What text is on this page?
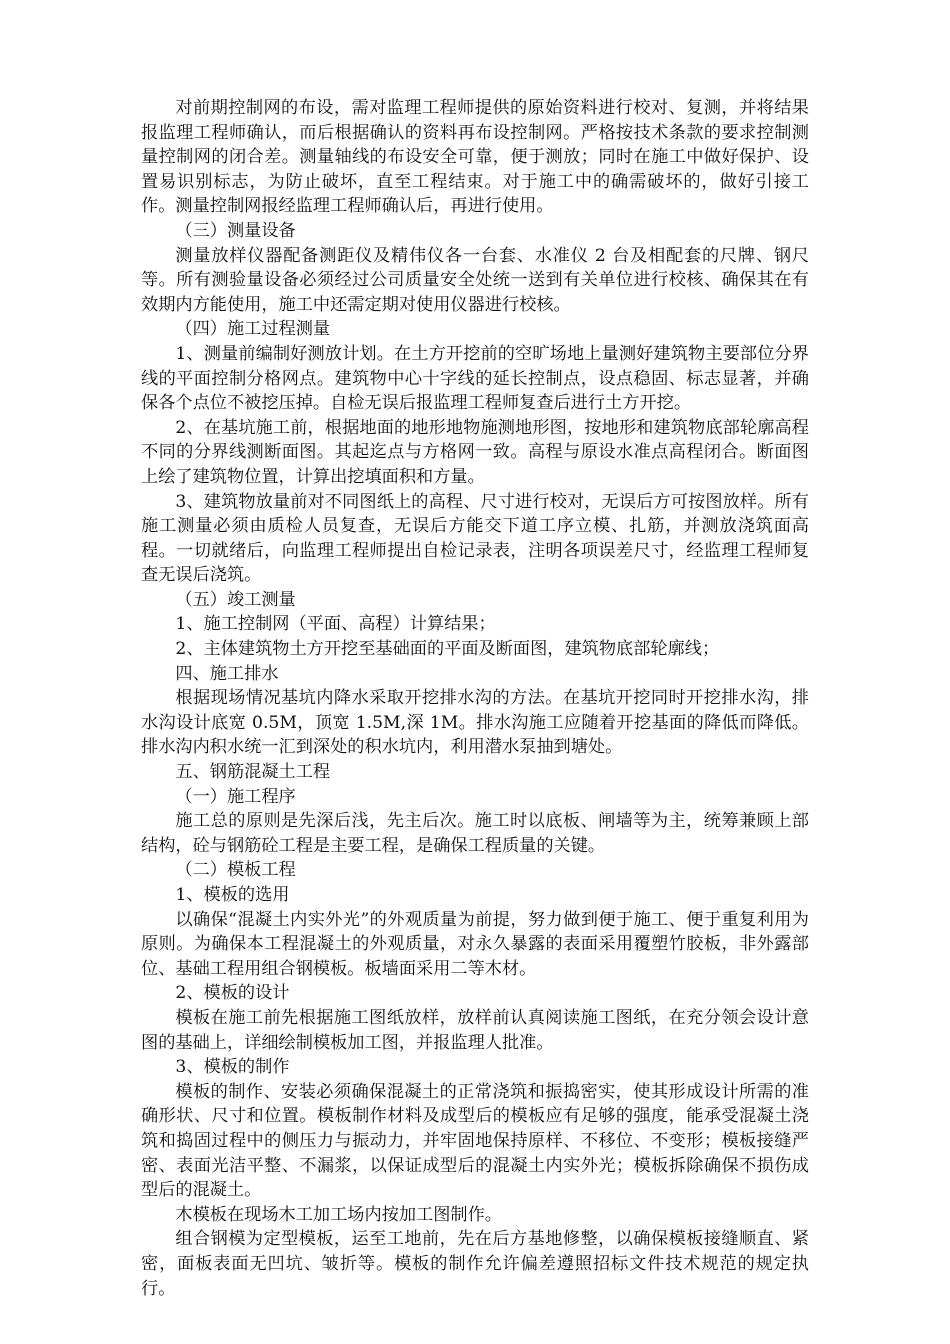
对前期控制网的布设，需对监理工程师提供的原始资料进行校对、复测，并将结果报监理工程师确认，而后根据确认的资料再布设控制网。严格按技术条款的要求控制测量控制网的闭合差。测量轴线的布设安全可靠，便于测放；同时在施工中做好保护、设置易识别标志，为防止破坏，直至工程结束。对于施工中的确需破坏的，做好引接工作。测量控制网报经监理工程师确认后，再进行使用。

（三）测量设备

测量放样仪器配备测距仪及精伟仪各一台套、水准仪 2 台及相配套的尺牌、钢尺等。所有测验量设备必须经过公司质量安全处统一送到有关单位进行校核、确保其在有效期内方能使用，施工中还需定期对使用仪器进行校核。

（四）施工过程测量

1、测量前编制好测放计划。在土方开挖前的空旷场地上量测好建筑物主要部位分界线的平面控制分格网点。建筑物中心十字线的延长控制点，设点稳固、标志显著，并确保各个点位不被挖压掉。自检无误后报监理工程师复查后进行土方开挖。

2、在基坑施工前，根据地面的地形地物施测地形图，按地形和建筑物底部轮廓高程不同的分界线测断面图。其起迄点与方格网一致。高程与原设水准点高程闭合。断面图上绘了建筑物位置，计算出挖填面积和方量。

3、建筑物放量前对不同图纸上的高程、尺寸进行校对，无误后方可按图放样。所有施工测量必须由质检人员复查，无误后方能交下道工序立模、扎筋，并测放浇筑面高程。一切就绪后，向监理工程师提出自检记录表，注明各项误差尺寸，经监理工程师复查无误后浇筑。

（五）竣工测量

1、施工控制网（平面、高程）计算结果；

2、主体建筑物土方开挖至基础面的平面及断面图，建筑物底部轮廓线；

四、施工排水

根据现场情况基坑内降水采取开挖排水沟的方法。在基坑开挖同时开挖排水沟，排水沟设计底宽 0.5M，顶宽 1.5M,深 1M。排水沟施工应随着开挖基面的降低而降低。排水沟内积水统一汇到深处的积水坑内，利用潜水泵抽到塘处。

五、钢筋混凝土工程

（一）施工程序

施工总的原则是先深后浅，先主后次。施工时以底板、闸墙等为主，统筹兼顾上部结构，砼与钢筋砼工程是主要工程，是确保工程质量的关键。

（二）模板工程

1、模板的选用

以确保“混凝土内实外光”的外观质量为前提，努力做到便于施工、便于重复利用为原则。为确保本工程混凝土的外观质量，对永久暴露的表面采用覆塑竹胶板，非外露部位、基础工程用组合钢模板。板墙面采用二等木材。

2、模板的设计

模板在施工前先根据施工图纸放样，放样前认真阅读施工图纸，在充分领会设计意图的基础上，详细绘制模板加工图，并报监理人批准。

3、模板的制作

模板的制作、安装必须确保混凝土的正常浇筑和振捣密实，使其形成设计所需的准确形状、尺寸和位置。模板制作材料及成型后的模板应有足够的强度，能承受混凝土浇筑和捣固过程中的侧压力与振动力，并牢固地保持原样、不移位、不变形；模板接缝严密、表面光洁平整、不漏浆，以保证成型后的混凝土内实外光；模板拆除确保不损伤成型后的混凝土。

木模板在现场木工加工场内按加工图制作。

组合钢模为定型模板，运至工地前，先在后方基地修整，以确保模板接缝顺直、紧密，面板表面无凹坑、皱折等。模板的制作允许偏差遵照招标文件技术规范的规定执行。
